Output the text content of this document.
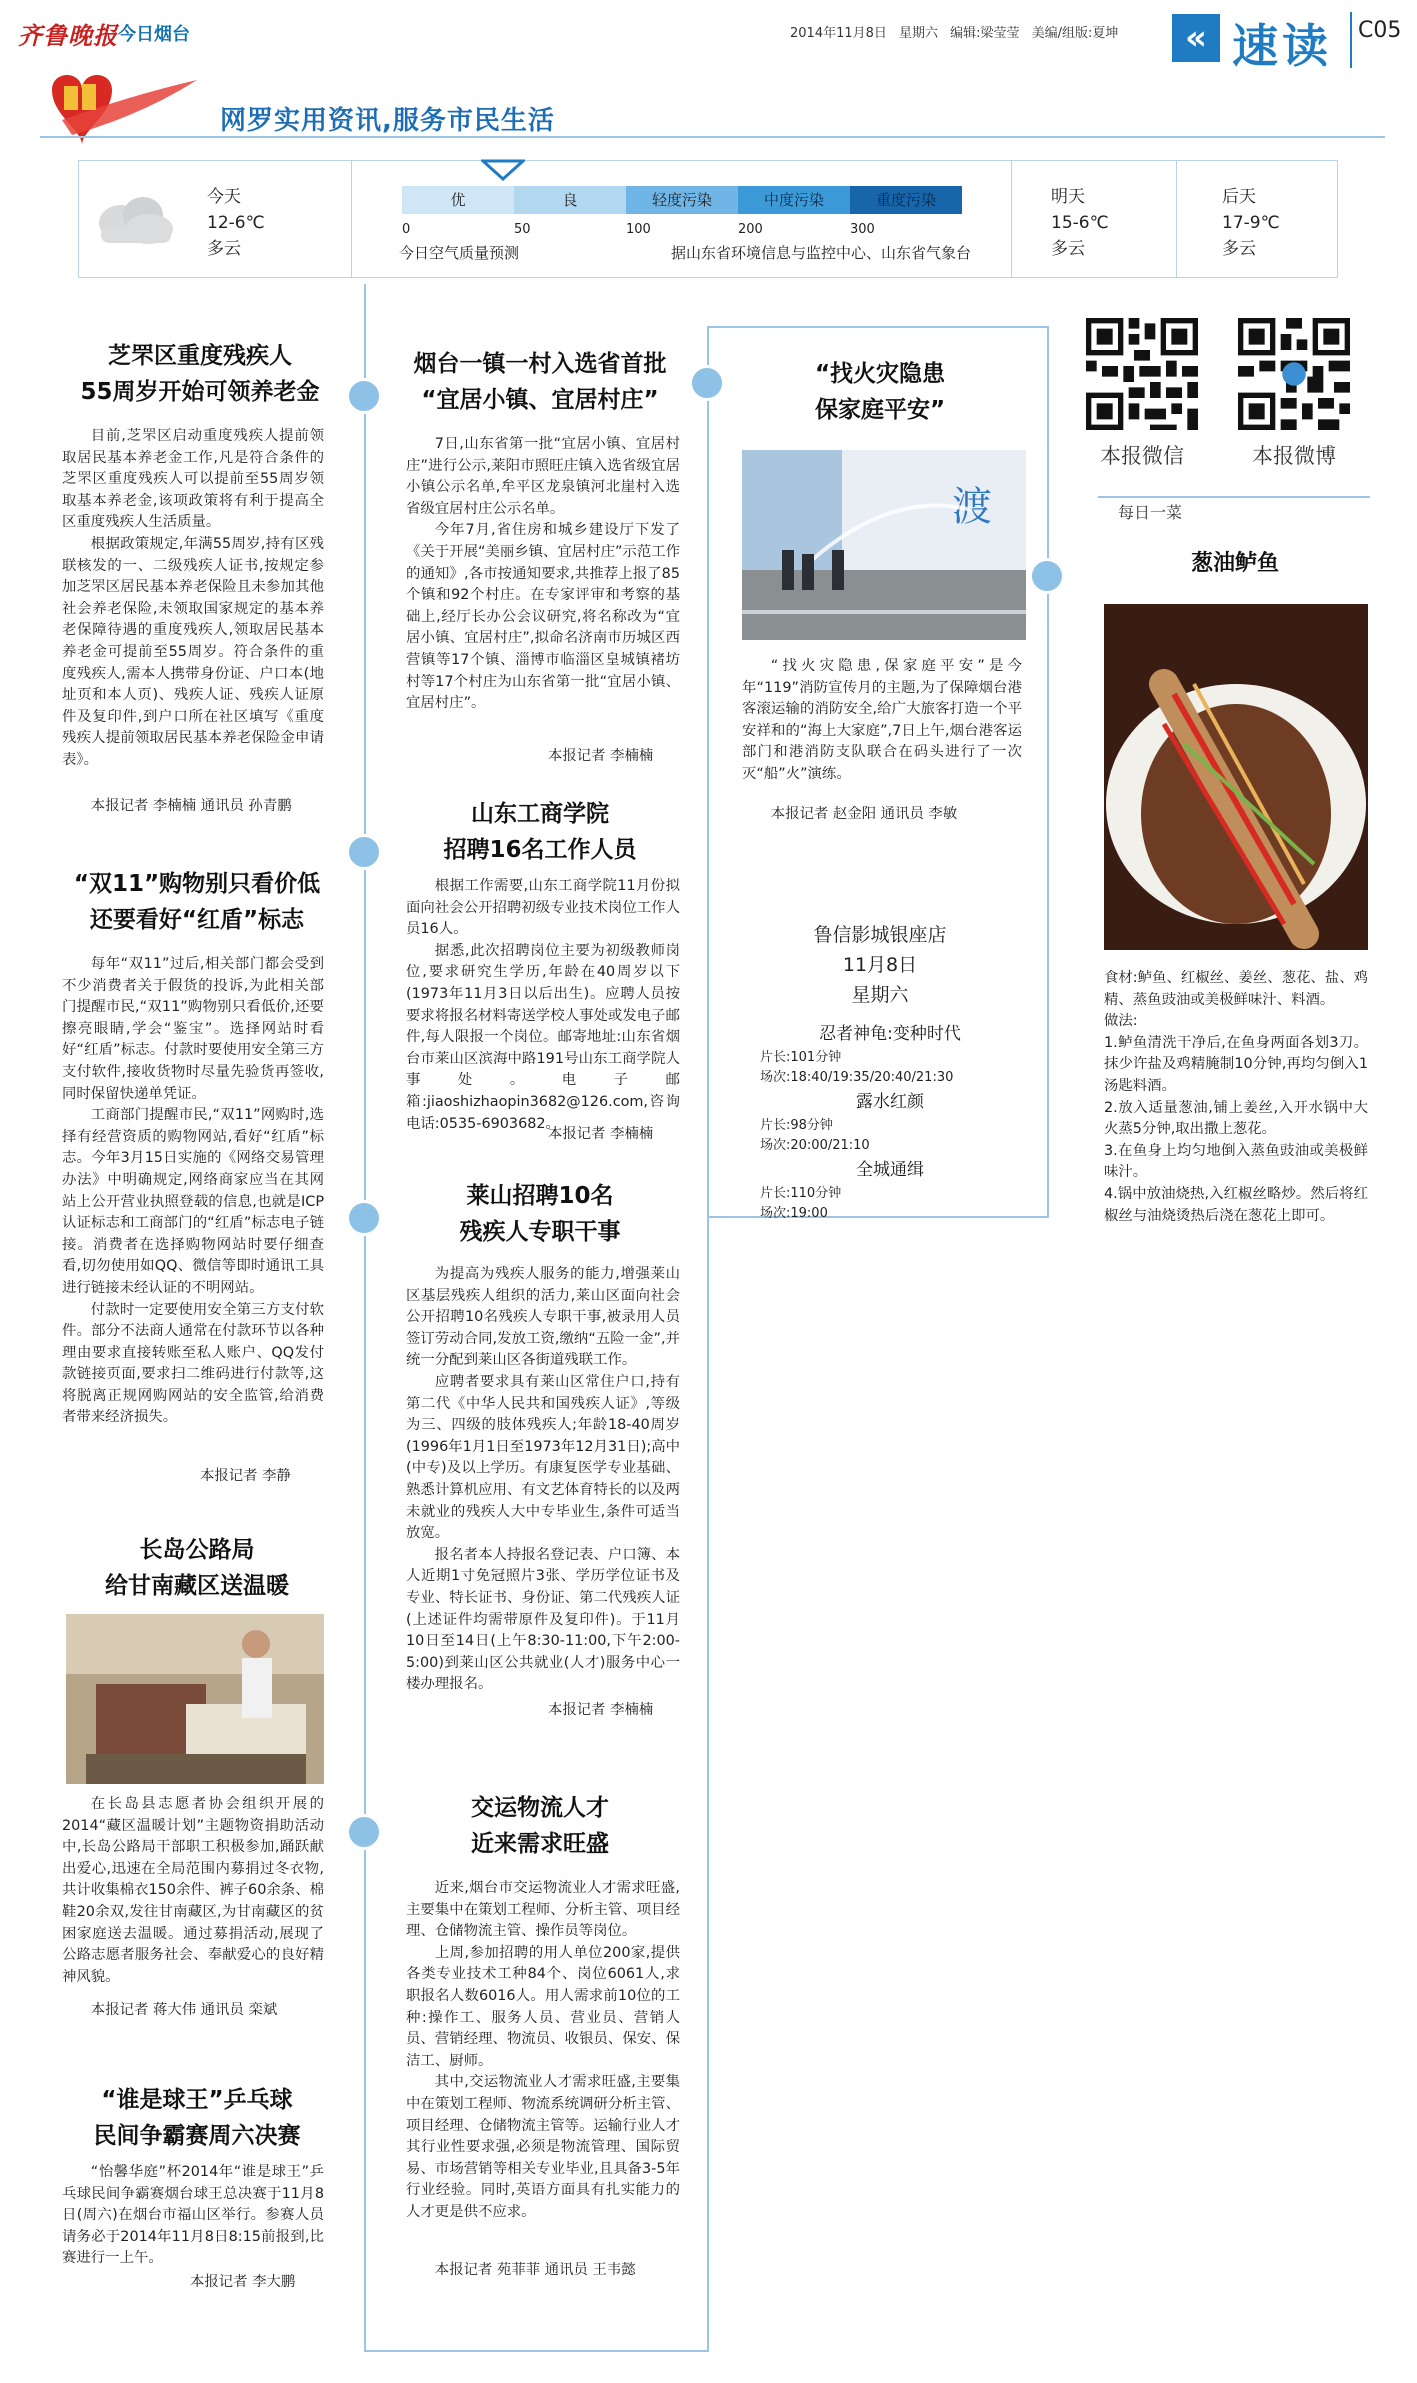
齐鲁晚报 今日烟台	2014年11月8日 星期六 编辑:梁莹莹 美编/组版:夏坤	« 速读 C05
网罗实用资讯,服务市民生活
今天
12-6℃
多云	今日空气质量预测	据山东省环境信息与监控中心、山东省气象台
明天
15-6℃
多云
后天
17-9℃
多云
优	良	轻度污染	中度污染	重度污染
0	50	100	200	300
芝罘区重度残疾人
55周岁开始可领养老金

目前,芝罘区启动重度残疾人提前领取居民基本养老金工作,凡是符合条件的芝罘区重度残疾人可以提前至55周岁领取基本养老金,该项政策将有利于提高全区重度残疾人生活质量。

根据政策规定,年满55周岁,持有区残联核发的一、二级残疾人证书,按规定参加芝罘区居民基本养老保险且未参加其他社会养老保险,未领取国家规定的基本养老保障待遇的重度残疾人,领取居民基本养老金可提前至55周岁。符合条件的重度残疾人,需本人携带身份证、户口本(地址页和本人页)、残疾人证、残疾人证原件及复印件,到户口所在社区填写《重度残疾人提前领取居民基本养老保险金申请表》。

本报记者 李楠楠 通讯员 孙青鹏
“双11”购物别只看价低
还要看好“红盾”标志

每年“双11”过后,相关部门都会受到不少消费者关于假货的投诉,为此相关部门提醒市民,“双11”购物别只看低价,还要擦亮眼睛,学会“鉴宝”。选择网站时看好“红盾”标志。付款时要使用安全第三方支付软件,接收货物时尽量先验货再签收,同时保留快递单凭证。

工商部门提醒市民,“双11”网购时,选择有经营资质的购物网站,看好“红盾”标志。今年3月15日实施的《网络交易管理办法》中明确规定,网络商家应当在其网站上公开营业执照登载的信息,也就是ICP认证标志和工商部门的“红盾”标志电子链接。消费者在选择购物网站时要仔细查看,切勿使用如QQ、微信等即时通讯工具进行链接未经认证的不明网站。

付款时一定要使用安全第三方支付软件。部分不法商人通常在付款环节以各种理由要求直接转账至私人账户、QQ发付款链接页面,要求扫二维码进行付款等,这将脱离正规网购网站的安全监管,给消费者带来经济损失。

本报记者 李静
长岛公路局
给甘南藏区送温暖

在长岛县志愿者协会组织开展的2014“藏区温暖计划”主题物资捐助活动中,长岛公路局干部职工积极参加,踊跃献出爱心,迅速在全局范围内募捐过冬衣物,共计收集棉衣150余件、裤子60余条、棉鞋20余双,发往甘南藏区,为甘南藏区的贫困家庭送去温暖。通过募捐活动,展现了公路志愿者服务社会、奉献爱心的良好精神风貌。

本报记者 蒋大伟 通讯员 栾斌
“谁是球王”乒乓球
民间争霸赛周六决赛

“怡馨华庭”杯2014年“谁是球王”乒乓球民间争霸赛烟台球王总决赛于11月8日(周六)在烟台市福山区举行。参赛人员请务必于2014年11月8日8:15前报到,比赛进行一上午。

本报记者 李大鹏
烟台一镇一村入选省首批
“宜居小镇、宜居村庄”

7日,山东省第一批“宜居小镇、宜居村庄”进行公示,莱阳市照旺庄镇入选省级宜居小镇公示名单,牟平区龙泉镇河北崖村入选省级宜居村庄公示名单。

今年7月,省住房和城乡建设厅下发了《关于开展“美丽乡镇、宜居村庄”示范工作的通知》,各市按通知要求,共推荐上报了85个镇和92个村庄。在专家评审和考察的基础上,经厅长办公会议研究,将名称改为“宜居小镇、宜居村庄”,拟命名济南市历城区西营镇等17个镇、淄博市临淄区皇城镇褚坊村等17个村庄为山东省第一批“宜居小镇、宜居村庄”。

本报记者 李楠楠
山东工商学院
招聘16名工作人员

根据工作需要,山东工商学院11月份拟面向社会公开招聘初级专业技术岗位工作人员16人。

据悉,此次招聘岗位主要为初级教师岗位,要求研究生学历,年龄在40周岁以下(1973年11月3日以后出生)。应聘人员按要求将报名材料寄送学校人事处或发电子邮件,每人限报一个岗位。邮寄地址:山东省烟台市莱山区滨海中路191号山东工商学院人事处。电子邮箱:jiaoshizhaopin3682@126.com,咨询电话:0535-6903682。

本报记者 李楠楠
莱山招聘10名
残疾人专职干事

为提高为残疾人服务的能力,增强莱山区基层残疾人组织的活力,莱山区面向社会公开招聘10名残疾人专职干事,被录用人员签订劳动合同,发放工资,缴纳“五险一金”,并统一分配到莱山区各街道残联工作。

应聘者要求具有莱山区常住户口,持有第二代《中华人民共和国残疾人证》,等级为三、四级的肢体残疾人;年龄18-40周岁(1996年1月1日至1973年12月31日);高中(中专)及以上学历。有康复医学专业基础、熟悉计算机应用、有文艺体育特长的以及两未就业的残疾人大中专毕业生,条件可适当放宽。

报名者本人持报名登记表、户口簿、本人近期1寸免冠照片3张、学历学位证书及专业、特长证书、身份证、第二代残疾人证(上述证件均需带原件及复印件)。于11月10日至14日(上午8:30-11:00,下午2:00-5:00)到莱山区公共就业(人才)服务中心一楼办理报名。

本报记者 李楠楠
交运物流人才
近来需求旺盛

近来,烟台市交运物流业人才需求旺盛,主要集中在策划工程师、分析主管、项目经理、仓储物流主管、操作员等岗位。

上周,参加招聘的用人单位200家,提供各类专业技术工种84个、岗位6061人,求职报名人数6016人。用人需求前10位的工种:操作工、服务人员、营业员、营销人员、营销经理、物流员、收银员、保安、保洁工、厨师。

其中,交运物流业人才需求旺盛,主要集中在策划工程师、物流系统调研分析主管、项目经理、仓储物流主管等。运输行业人才其行业性要求强,必须是物流管理、国际贸易、市场营销等相关专业毕业,且具备3-5年行业经验。同时,英语方面具有扎实能力的人才更是供不应求。

本报记者 苑菲菲 通讯员 王韦懿
“找火灾隐患
保家庭平安”
渡

“找火灾隐患,保家庭平安”是今年“119”消防宣传月的主题,为了保障烟台港客滚运输的消防安全,给广大旅客打造一个平安祥和的“海上大家庭”,7日上午,烟台港客运部门和港消防支队联合在码头进行了一次灭“船”火”演练。

本报记者 赵金阳 通讯员 李敏
鲁信影城银座店
11月8日
星期六
忍者神龟:变种时代
片长:101分钟
场次:18:40/19:35/20:40/21:30
露水红颜
片长:98分钟
场次:20:00/21:10
全城通缉
片长:110分钟
场次:19:00
本报微信	本报微博
每日一菜
葱油鲈鱼
食材:鲈鱼、红椒丝、姜丝、葱花、盐、鸡精、蒸鱼豉油或美极鲜味汁、料酒。
做法:
1.鲈鱼清洗干净后,在鱼身两面各划3刀。抹少许盐及鸡精腌制10分钟,再均匀倒入1汤匙料酒。
2.放入适量葱油,铺上姜丝,入开水锅中大火蒸5分钟,取出撒上葱花。
3.在鱼身上均匀地倒入蒸鱼豉油或美极鲜味汁。
4.锅中放油烧热,入红椒丝略炒。然后将红椒丝与油烧烫热后浇在葱花上即可。
